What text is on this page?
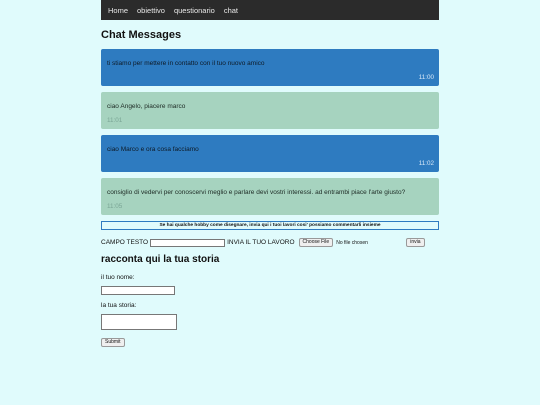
Home obiettivo questionario chat
Chat Messages
ti stiamo per mettere in contatto con il tuo nuovo amico
11:00
ciao Angelo, piacere marco
11:01
ciao Marco e ora cosa facciamo
11:02
consiglio di vedervi per conoscervi meglio e parlare devi vostri interessi. ad entrambi piace l'arte giusto?
11:05
Se hai qualche hobby come disegnare, invia qui i tuoi lavori cosi' possiamo commentarli insieme
CAMPO TESTO	INVIA IL TUO LAVORO	Choose File	No file chosen	invia
racconta qui la tua storia
il tuo nome:
la tua storia:
Submit
